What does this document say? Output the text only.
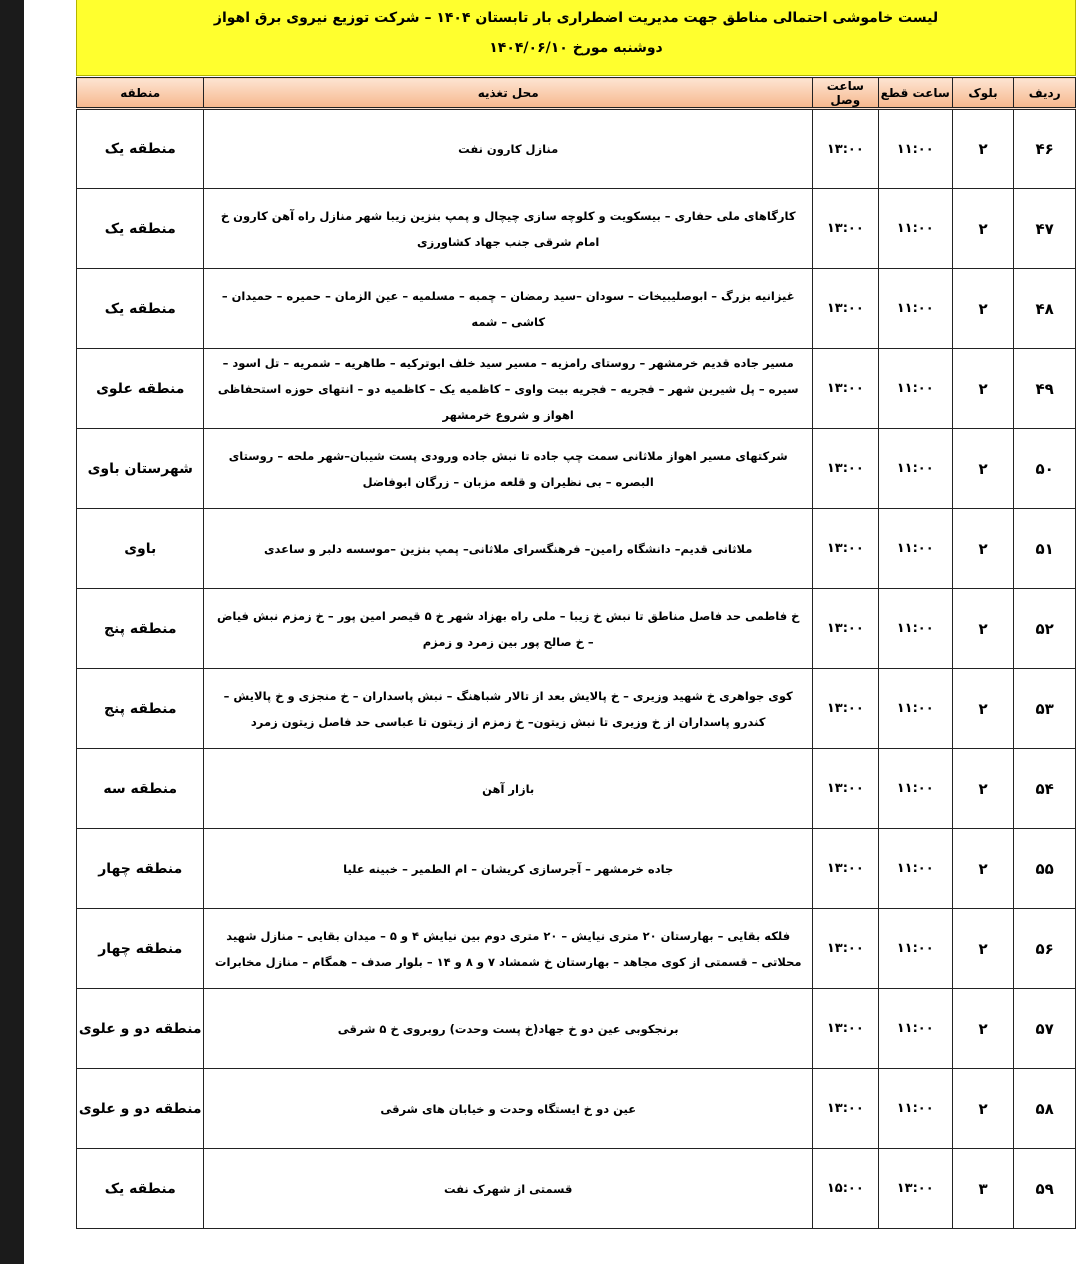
لیست خاموشی احتمالی مناطق جهت مدیریت اضطراری بار تابستان ۱۴۰۴ – شرکت توزیع نیروی برق اهواز
دوشنبه مورخ ۱۴۰۴/۰۶/۱۰
ردیف	بلوک	ساعت قطع	ساعت وصل	محل تغذیه	منطقه
۴۶	۲	۱۱:۰۰	۱۳:۰۰	منازل کارون نفت	منطقه یک
۴۷	۲	۱۱:۰۰	۱۳:۰۰	کارگاهای ملی حفاری – بیسکویت و کلوچه سازی چیچال و پمپ بنزین زیبا شهر منازل راه آهن کارون خ امام شرقی جنب جهاد کشاورزی	منطقه یک
۴۸	۲	۱۱:۰۰	۱۳:۰۰	غیزانیه بزرگ – ابوصلیبیخات – سودان –سید رمضان – چمبه – مسلمیه – عین الزمان – حمیره – حمیدان – کاشی – شمه	منطقه یک
۴۹	۲	۱۱:۰۰	۱۳:۰۰	مسیر جاده قدیم خرمشهر – روستای رامزیه – مسیر سید خلف ابوترکیه – طاهریه – شمریه – تل اسود – سیره – پل شیرین شهر – فجریه – فجریه بیت واوی – کاظمیه یک – کاظمیه دو – انتهای حوزه استحفاظی اهواز و شروع خرمشهر	منطقه علوی
۵۰	۲	۱۱:۰۰	۱۳:۰۰	شرکتهای مسیر اهواز ملاثانی سمت چپ جاده تا نبش جاده ورودی پست شیبان–شهر ملحه – روستای البصره – بی نظیران و قلعه مزبان – زرگان ابوفاضل	شهرستان باوی
۵۱	۲	۱۱:۰۰	۱۳:۰۰	ملاثانی قدیم– دانشگاه رامین– فرهنگسرای ملاثانی– پمپ بنزین –موسسه دلبر و ساعدی	باوی
۵۲	۲	۱۱:۰۰	۱۳:۰۰	خ فاطمی حد فاصل مناطق تا نبش خ زیبا – ملی راه بهزاد شهر خ ۵ قیصر امین پور – خ زمزم نبش فیاض – خ صالح پور بین زمرد و زمزم	منطقه پنج
۵۳	۲	۱۱:۰۰	۱۳:۰۰	کوی جواهری خ شهید وزیری – خ پالایش بعد از تالار شباهنگ – نبش پاسداران – خ منجزی و خ پالایش –کندرو پاسداران از خ وزیری تا نبش زیتون– خ زمزم از زیتون تا عباسی حد فاصل زیتون زمرد	منطقه پنج
۵۴	۲	۱۱:۰۰	۱۳:۰۰	بازار آهن	منطقه سه
۵۵	۲	۱۱:۰۰	۱۳:۰۰	جاده خرمشهر – آجرسازی کریشان – ام الطمیر – خبینه علیا	منطقه چهار
۵۶	۲	۱۱:۰۰	۱۳:۰۰	فلکه بقایی – بهارستان ۲۰ متری نیایش – ۲۰ متری دوم بین نیایش ۴ و ۵ – میدان بقایی – منازل شهید محلاتی – قسمتی از کوی مجاهد – بهارستان خ شمشاد ۷ و ۸ و ۱۴ – بلوار صدف – همگام – منازل مخابرات	منطقه چهار
۵۷	۲	۱۱:۰۰	۱۳:۰۰	برنجکوبی عین دو خ جهاد(خ پست وحدت) روبروی خ ۵ شرقی	منطقه دو و علوی
۵۸	۲	۱۱:۰۰	۱۳:۰۰	عین دو خ ایستگاه وحدت و خیابان های شرقی	منطقه دو و علوی
۵۹	۳	۱۳:۰۰	۱۵:۰۰	قسمتی از شهرک نفت	منطقه یک
